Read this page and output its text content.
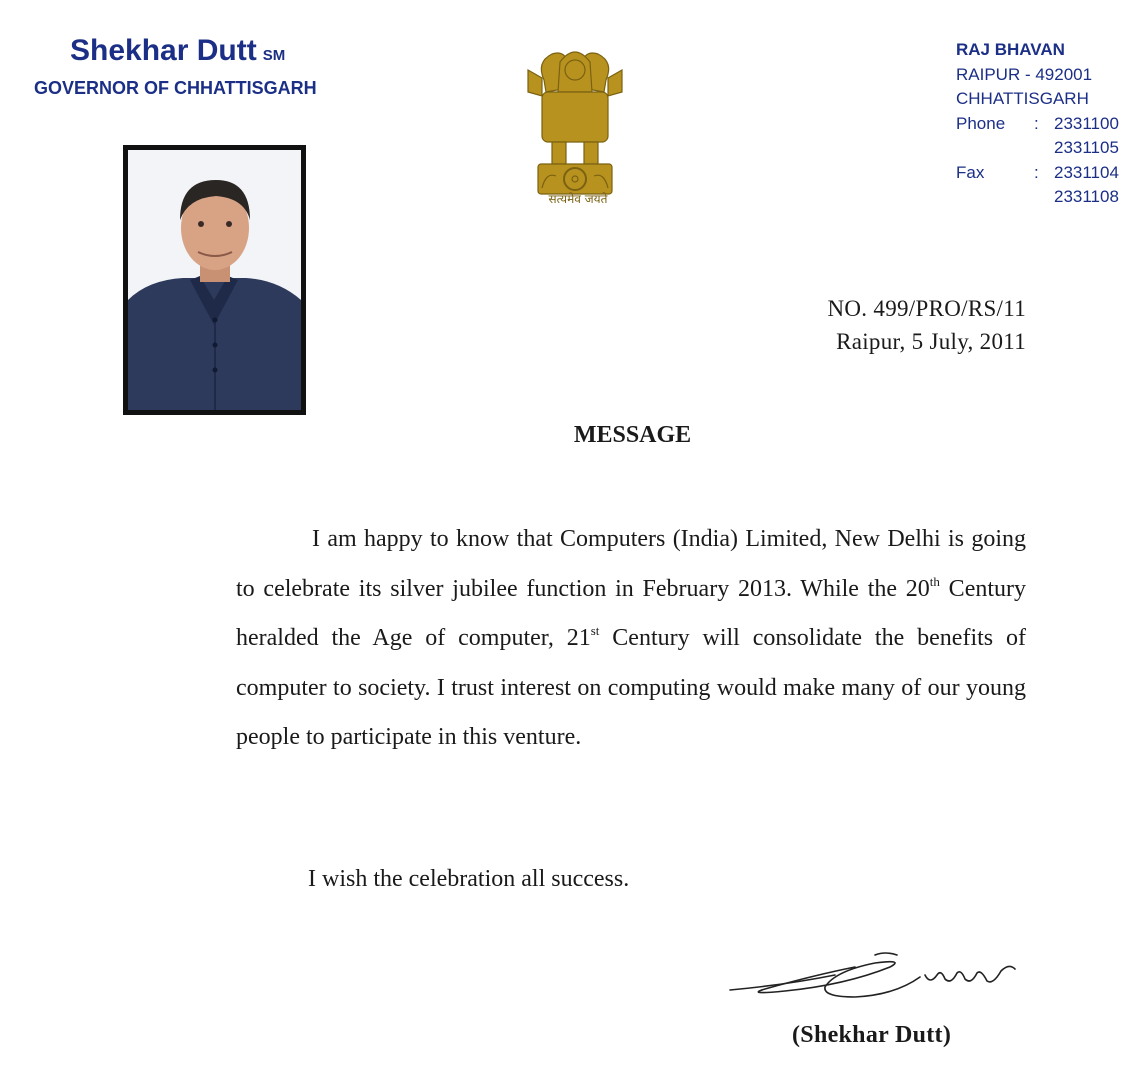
Shekhar Dutt SM
GOVERNOR OF CHHATTISGARH
सत्यमेव जयते
RAJ BHAVAN
RAIPUR - 492001
CHHATTISGARH
Phone : 2331100
2331105
Fax	: 2331104
2331108
NO. 499/PRO/RS/11
Raipur, 5 July, 2011
MESSAGE
I am happy to know that Computers (India) Limited, New Delhi is going to celebrate its silver jubilee function in February 2013. While the 20th Century heralded the Age of computer, 21st Century will consolidate the benefits of computer to society. I trust interest on computing would make many of our young people to participate in this venture.
I wish the celebration all success.
(Shekhar Dutt)
